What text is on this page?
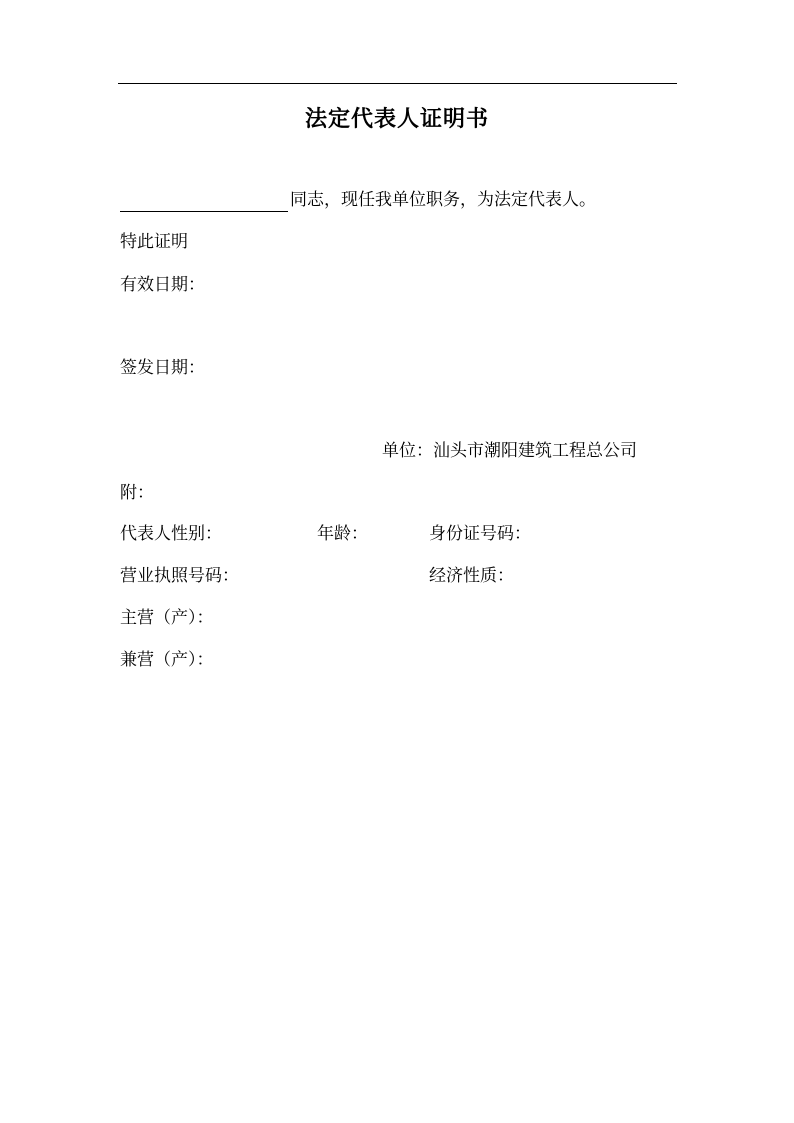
法定代表人证明书
同志，现任我单位职务，为法定代表人。
特此证明
有效日期：
签发日期：
单位：汕头市潮阳建筑工程总公司
附：
代表人性别：	年龄：	身份证号码：
营业执照号码：	经济性质：
主营（产）：
兼营（产）：
